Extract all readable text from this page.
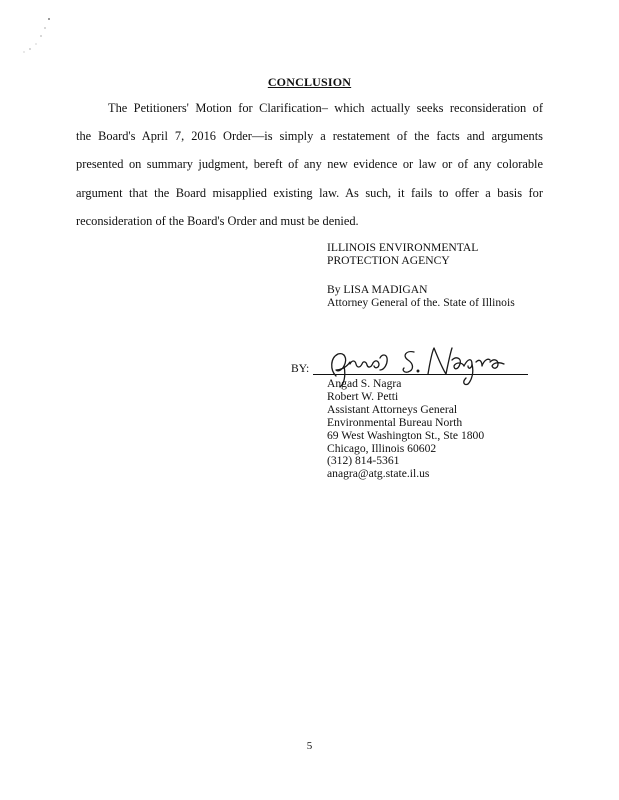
CONCLUSION
The Petitioners' Motion for Clarification– which actually seeks reconsideration of
the Board's April 7, 2016 Order—is simply a restatement of the facts and arguments
presented on summary judgment, bereft of any new evidence or law or of any colorable
argument that the Board misapplied existing law. As such, it fails to offer a basis for
reconsideration of the Board's Order and must be denied.
ILLINOIS ENVIRONMENTAL
PROTECTION AGENCY
By LISA MADIGAN
Attorney General of the. State of Illinois
BY:
Angad S. Nagra
Robert W. Petti
Assistant Attorneys General
Environmental Bureau North
69 West Washington St., Ste 1800
Chicago, Illinois 60602
(312) 814-5361
anagra@atg.state.il.us
5
